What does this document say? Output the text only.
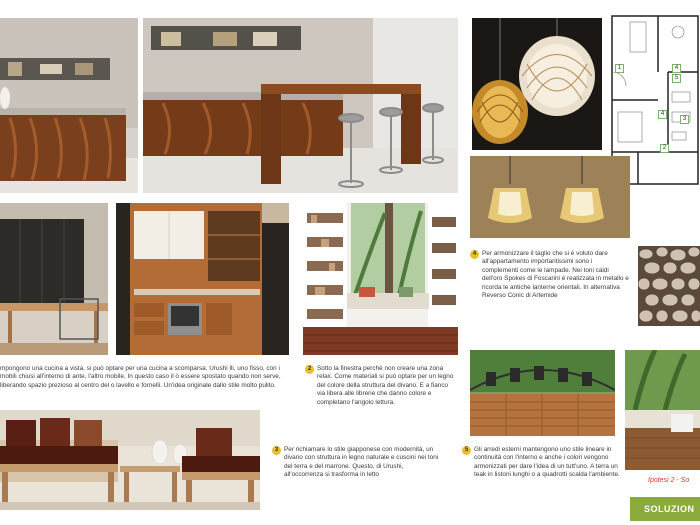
1
2
3
4
4
5
mpongono una cucina a vista, si può optare per una cucina a scomparsa. Urushi lli, uno fisso, con i mobili chiusi all'interno di ante, l'altro mobile. In questo caso il ò essere spostato quando non serve, liberando spazio prezioso al centro del o lavello e fornelli. Un'idea originale dallo stile molto pulito.
2 Sotto la finestra perchè non creare una zona relax. Come materiali si può optare per un legno del colore della struttura del divano. E a fianco via libera alle librerie che danno colore e completano l'angolo lettura.
3 Per richiamare lo stile giapponese con modernità, un divano con struttura in legno naturale e cuscini nei toni del terra e del marrone. Questo, di Urushi, all'occorrenza si trasforma in letto
4 Per armonizzare il taglio che si è voluto dare all'appartamento importantissimi sono i complementi come le lampade. Nei toni caldi dell'oro Spokes di Foscarini è realizzata in metallo e ricorda le antiche lanterne orientali. In alternativa Reverso Conic di Artemide
5 Gli arredi esterni mantengono uno stile lineare in continuità con l'interno e anche i colori vengono armonizzati per dare l'idea di un tutt'uno. A terra un teak in listoni lunghi o a quadrotti scalda l'ambiente.
Ipotesi 2 - So
SOLUZION
